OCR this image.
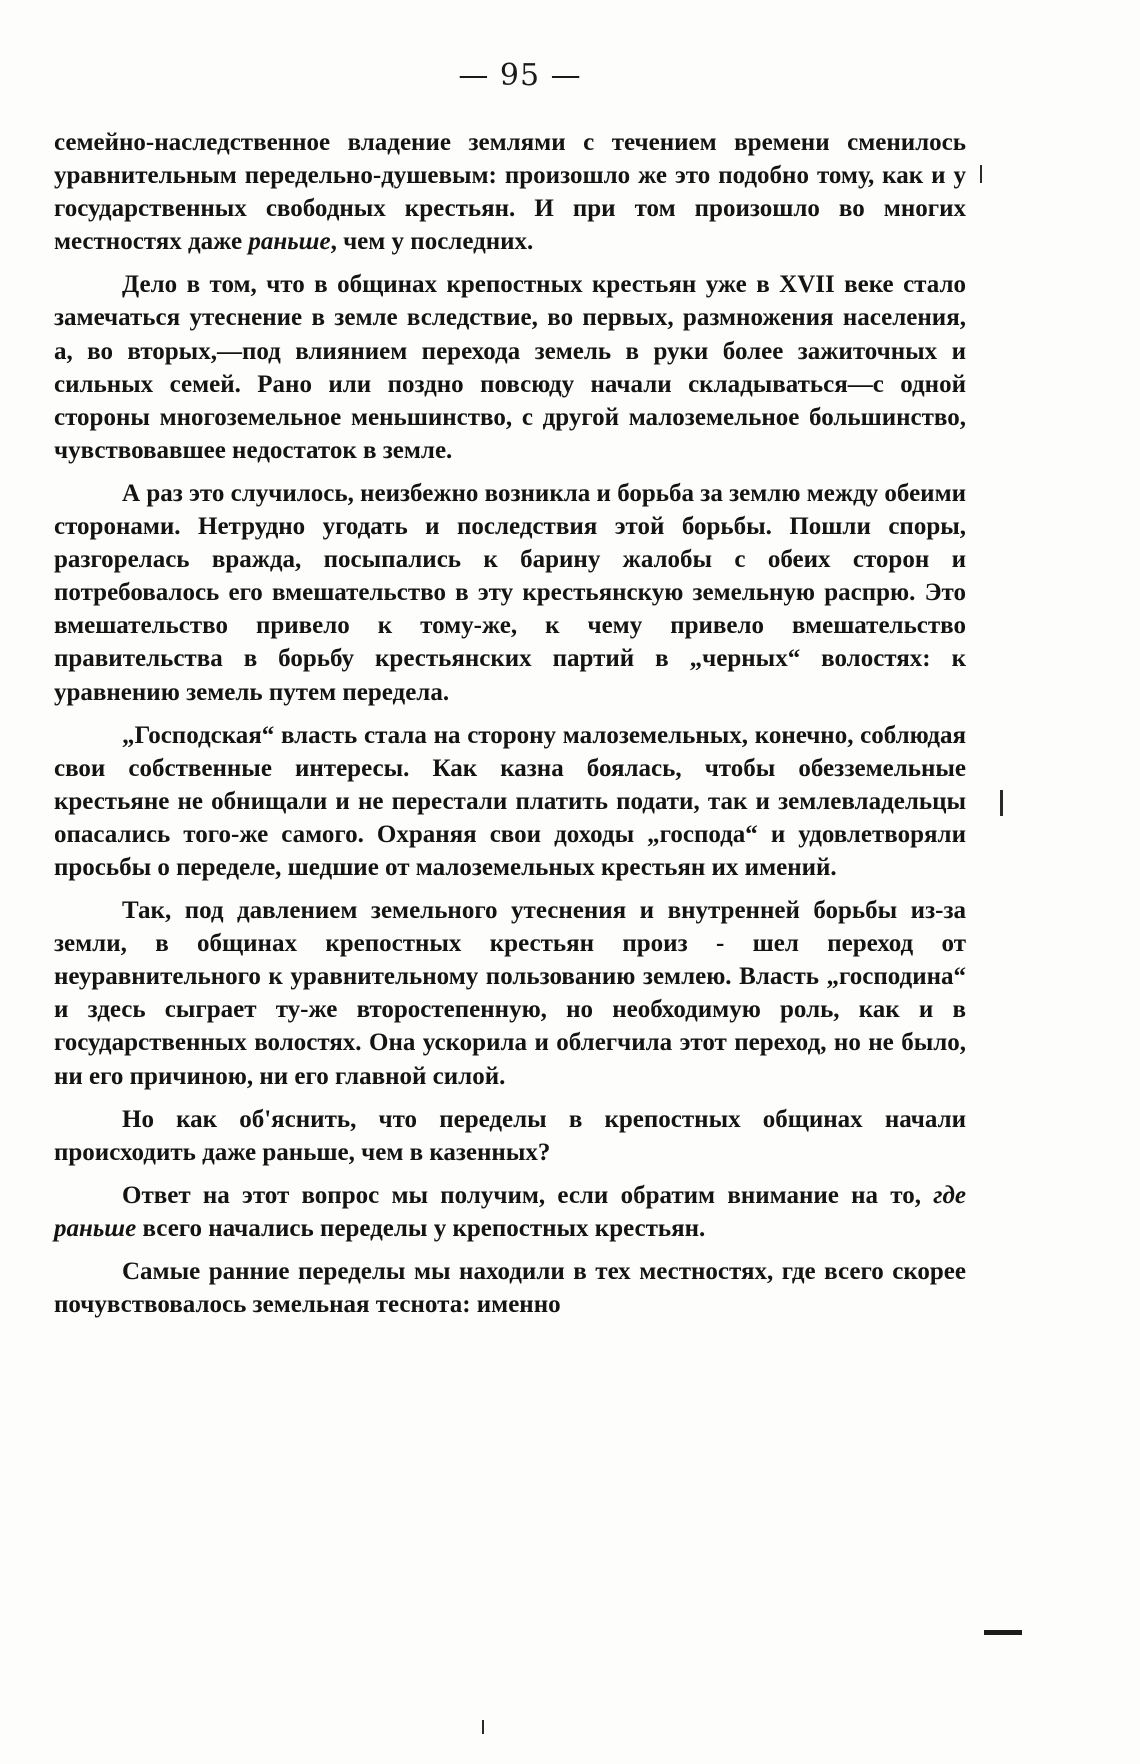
— 95 —

семейно-наследственное владение землями с течением времени сменилось уравнительным передельно-душевым: произошло же это подобно тому, как и у государственных свободных крестьян. И при том произошло во многих местностях даже раньше, чем у последних.

Дело в том, что в общинах крепостных крестьян уже в XVII веке стало замечаться утеснение в земле вследствие, во первых, размножения населения, а, во вторых,—под влиянием перехода земель в руки более зажиточных и сильных семей. Рано или поздно повсюду начали складываться—с одной стороны многоземельное меньшинство, с другой малоземельное большинство, чувствовавшее недостаток в земле.

А раз это случилось, неизбежно возникла и борьба за землю между обеими сторонами. Нетрудно угодать и последствия этой борьбы. Пошли споры, разгорелась вражда, посыпались к барину жалобы с обеих сторон и потребовалось его вмешательство в эту крестьянскую земельную распрю. Это вмешательство привело к тому-же, к чему привело вмешательство правительства в борьбу крестьянских партий в „черных“ волостях: к уравнению земель путем передела.

„Господская“ власть стала на сторону малоземельных, конечно, соблюдая свои собственные интересы. Как казна боялась, чтобы обезземельные крестьяне не обнищали и не перестали платить подати, так и землевладельцы опасались того-же самого. Охраняя свои доходы „господа“ и удовлетворяли просьбы о переделе, шедшие от малоземельных крестьян их имений.

Так, под давлением земельного утеснения и внутренней борьбы из-за земли, в общинах крепостных крестьян произ - шел переход от неуравнительного к уравнительному пользованию землею. Власть „господина“ и здесь сыграет ту-же второстепенную, но необходимую роль, как и в государственных волостях. Она ускорила и облегчила этот переход, но не было, ни его причиною, ни его главной силой.

Но как об'яснить, что переделы в крепостных общинах начали происходить даже раньше, чем в казенных?

Ответ на этот вопрос мы получим, если обратим внимание на то, где раньше всего начались переделы у крепостных крестьян.

Самые ранние переделы мы находили в тех местностях, где всего скорее почувствовалось земельная теснота: именно
